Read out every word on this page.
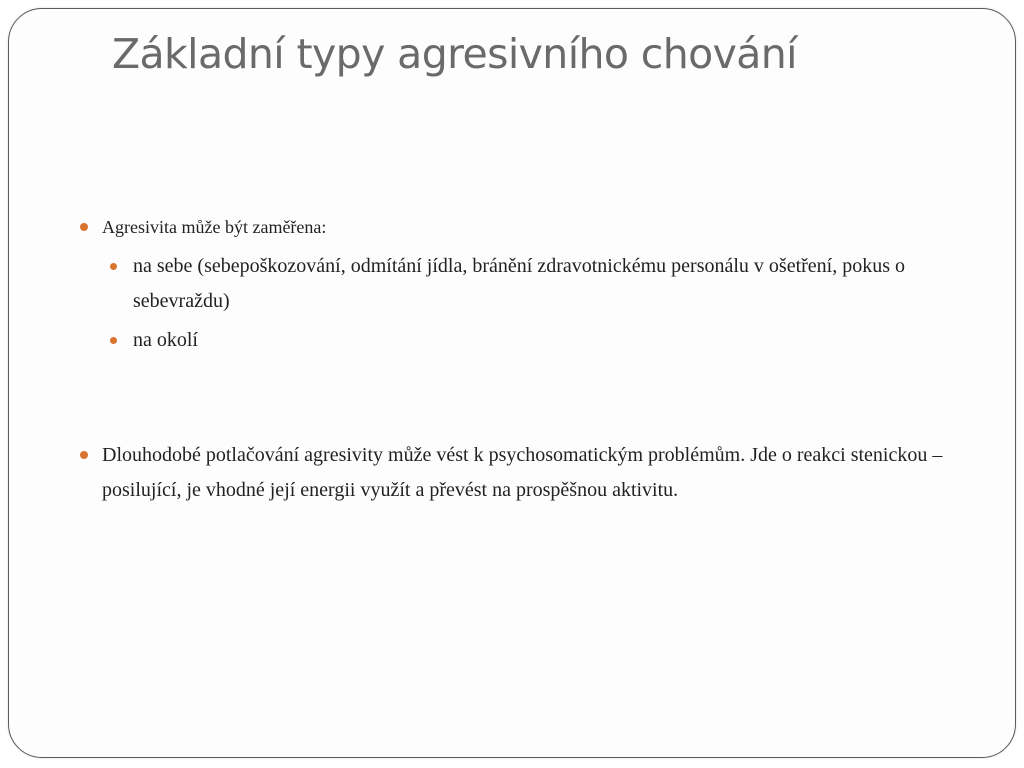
Základní typy agresivního chování
Agresivita může být zaměřena:
na sebe (sebepoškozování, odmítání jídla, bránění zdravotnickému personálu v ošetření, pokus o sebevraždu)
na okolí
Dlouhodobé potlačování agresivity může vést k psychosomatickým problémům. Jde o reakci stenickou – posilující, je vhodné její energii využít a převést na prospěšnou aktivitu.
